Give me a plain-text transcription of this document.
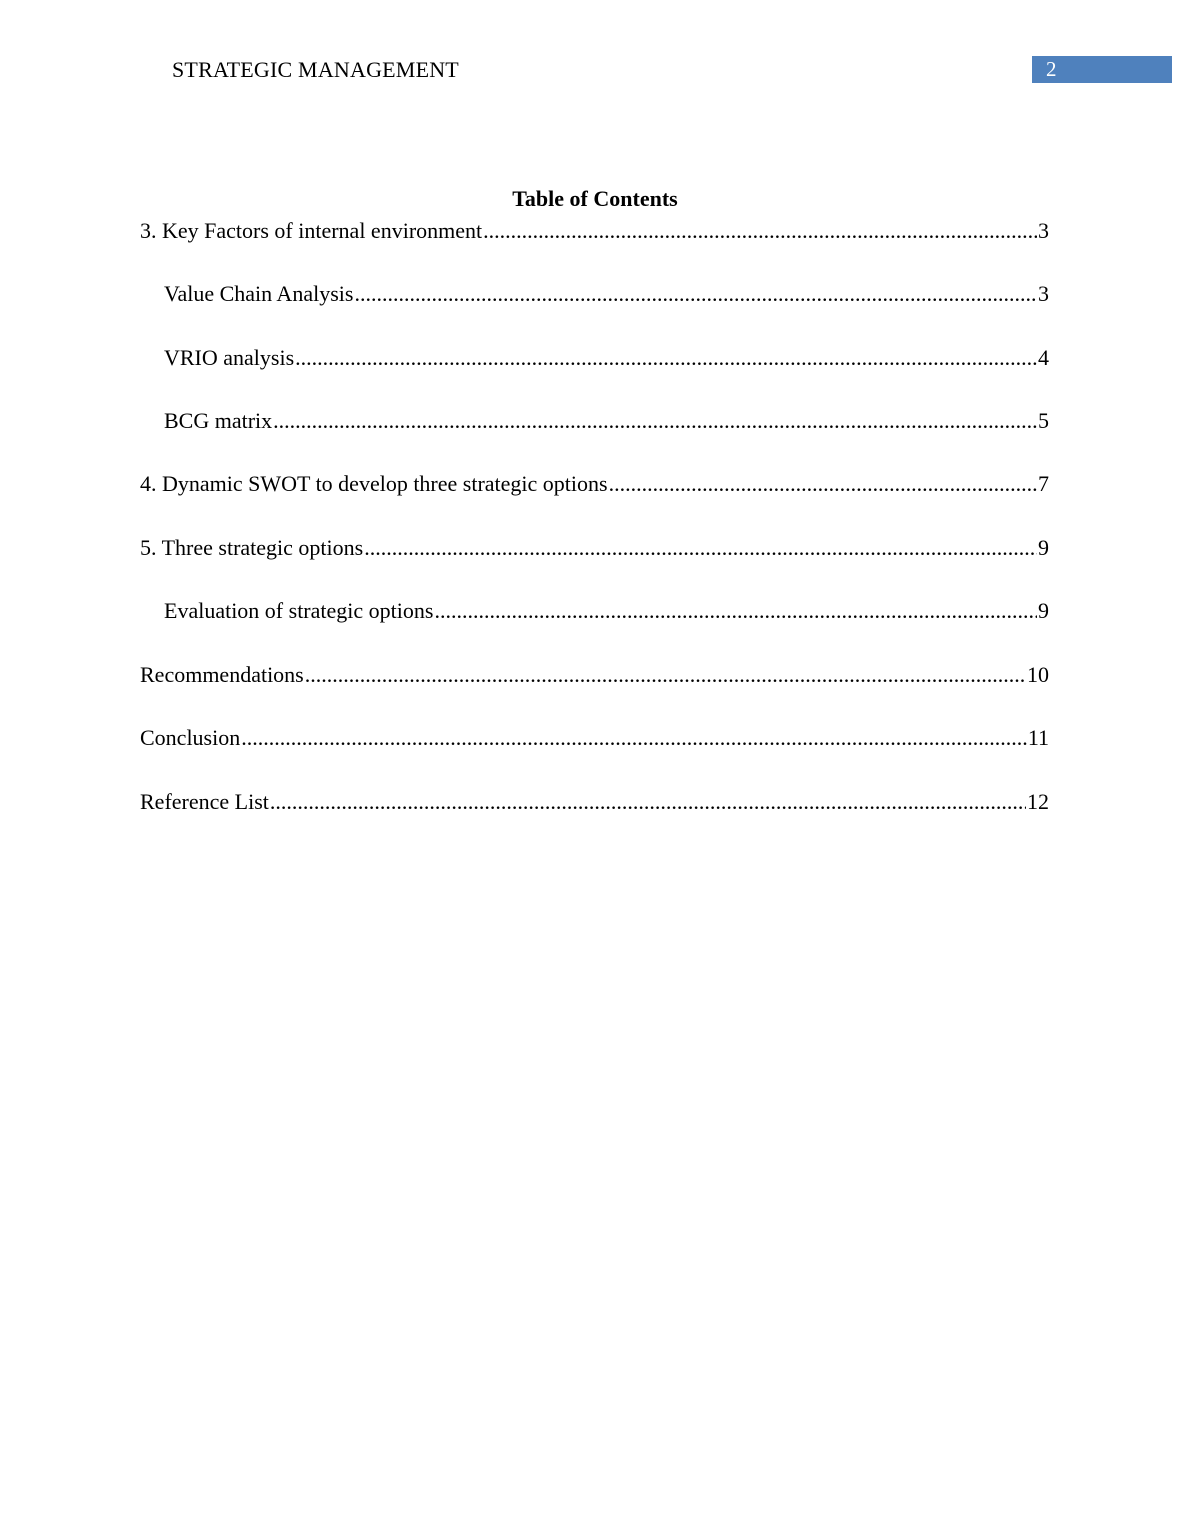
STRATEGIC MANAGEMENT	2
Table of Contents
3. Key Factors of internal environment .....	3
Value Chain Analysis .....	3
VRIO analysis .....	4
BCG matrix .....	5
4. Dynamic SWOT to develop three strategic options .....	7
5. Three strategic options .....	9
Evaluation of strategic options .....	9
Recommendations .....	10
Conclusion .....	11
Reference List .....	12
